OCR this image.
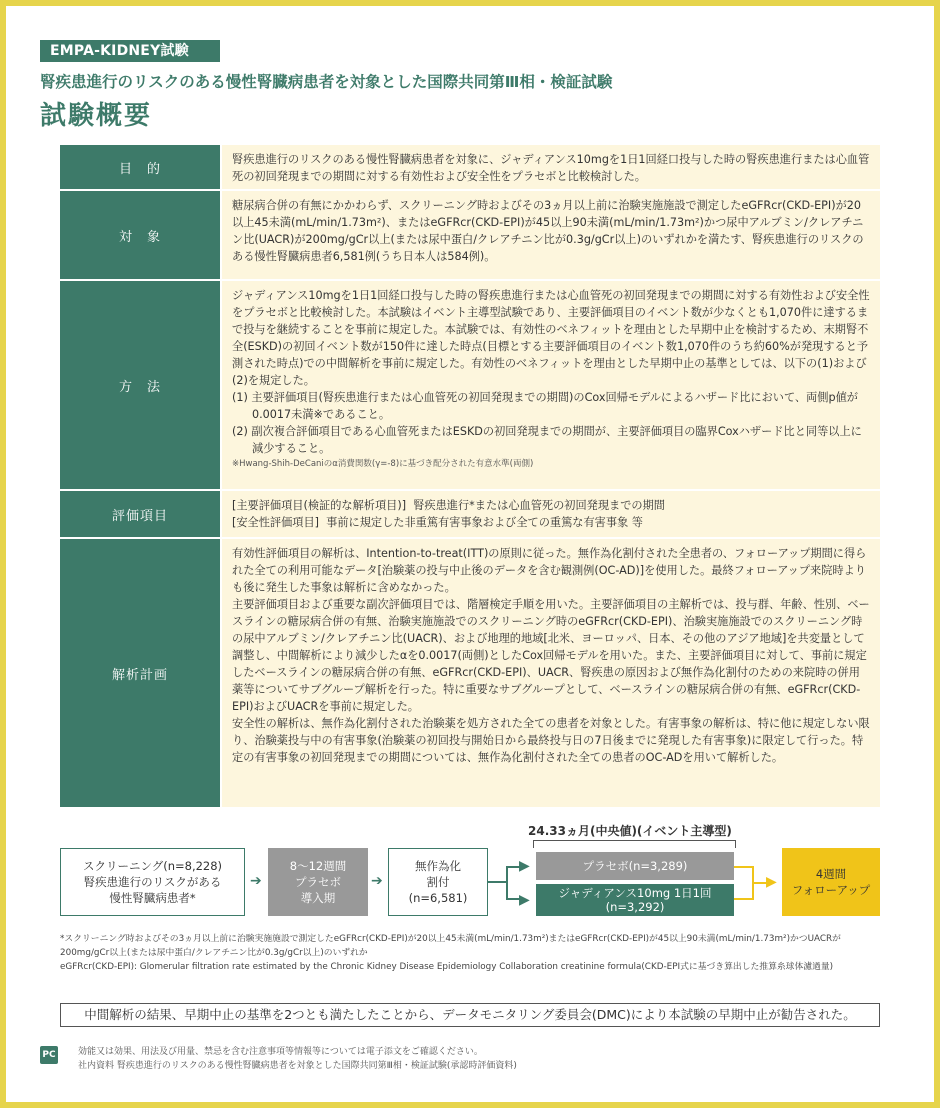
EMPA-KIDNEY試験
腎疾患進行のリスクのある慢性腎臓病患者を対象とした国際共同第Ⅲ相・検証試験
試験概要
目　的

腎疾患進行のリスクのある慢性腎臓病患者を対象に、ジャディアンス10mgを1日1回経口投与した時の腎疾患進行または心血管死の初回発現までの期間に対する有効性および安全性をプラセボと比較検討した。

対　象

糖尿病合併の有無にかかわらず、スクリーニング時およびその3ヵ月以上前に治験実施施設で測定したeGFRcr(CKD-EPI)が20以上45未満(mL/min/1.73m²)、またはeGFRcr(CKD-EPI)が45以上90未満(mL/min/1.73m²)かつ尿中アルブミン/クレアチニン比(UACR)が200mg/gCr以上(または尿中蛋白/クレアチニン比が0.3g/gCr以上)のいずれかを満たす、腎疾患進行のリスクのある慢性腎臓病患者6,581例(うち日本人は584例)。

方　法

ジャディアンス10mgを1日1回経口投与した時の腎疾患進行または心血管死の初回発現までの期間に対する有効性および安全性をプラセボと比較検討した。本試験はイベント主導型試験であり、主要評価項目のイベント数が少なくとも1,070件に達するまで投与を継続することを事前に規定した。本試験では、有効性のベネフィットを理由とした早期中止を検討するため、末期腎不全(ESKD)の初回イベント数が150件に達した時点(目標とする主要評価項目のイベント数1,070件のうち約60%が発現すると予測された時点)での中間解析を事前に規定した。有効性のベネフィットを理由とした早期中止の基準としては、以下の(1)および(2)を規定した。

(1) 主要評価項目(腎疾患進行または心血管死の初回発現までの期間)のCox回帰モデルによるハザード比において、両側p値が0.0017未満※であること。

(2) 副次複合評価項目である心血管死またはESKDの初回発現までの期間が、主要評価項目の臨界Coxハザード比と同等以上に減少すること。

※Hwang-Shih-DeCaniのα消費関数(γ=-8)に基づき配分された有意水準(両側)

評価項目

[主要評価項目(検証的な解析項目)] 腎疾患進行*または心血管死の初回発現までの期間

[安全性評価項目] 事前に規定した非重篤有害事象および全ての重篤な有害事象 等

解析計画

有効性評価項目の解析は、Intention-to-treat(ITT)の原則に従った。無作為化割付された全患者の、フォローアップ期間に得られた全ての利用可能なデータ[治験薬の投与中止後のデータを含む観測例(OC-AD)]を使用した。最終フォローアップ来院時よりも後に発生した事象は解析に含めなかった。

主要評価項目および重要な副次評価項目では、階層検定手順を用いた。主要評価項目の主解析では、投与群、年齢、性別、ベースラインの糖尿病合併の有無、治験実施施設でのスクリーニング時のeGFRcr(CKD-EPI)、治験実施施設でのスクリーニング時の尿中アルブミン/クレアチニン比(UACR)、および地理的地域[北米、ヨーロッパ、日本、その他のアジア地域]を共変量として調整し、中間解析により減少したαを0.0017(両側)としたCox回帰モデルを用いた。また、主要評価項目に対して、事前に規定したベースラインの糖尿病合併の有無、eGFRcr(CKD-EPI)、UACR、腎疾患の原因および無作為化割付のための来院時の併用薬等についてサブグループ解析を行った。特に重要なサブグループとして、ベースラインの糖尿病合併の有無、eGFRcr(CKD-EPI)およびUACRを事前に規定した。

安全性の解析は、無作為化割付された治験薬を処方された全ての患者を対象とした。有害事象の解析は、特に他に規定しない限り、治験薬投与中の有害事象(治験薬の初回投与開始日から最終投与日の7日後までに発現した有害事象)に限定して行った。特定の有害事象の初回発現までの期間については、無作為化割付された全ての患者のOC-ADを用いて解析した。

24.33ヵ月(中央値)(イベント主導型)
スクリーニング(n=8,228)
腎疾患進行のリスクがある
慢性腎臓病患者*
➔
8〜12週間
プラセボ
導入期
➔
無作為化
割付
(n=6,581)
▶
▶
プラセボ(n=3,289)
ジャディアンス10mg 1日1回
(n=3,292)
▶	4週間
フォローアップ

*スクリーニング時およびその3ヵ月以上前に治験実施施設で測定したeGFRcr(CKD-EPI)が20以上45未満(mL/min/1.73m²)またはeGFRcr(CKD-EPI)が45以上90未満(mL/min/1.73m²)かつUACRが200mg/gCr以上(または尿中蛋白/クレアチニン比が0.3g/gCr以上)のいずれか

eGFRcr(CKD-EPI): Glomerular filtration rate estimated by the Chronic Kidney Disease Epidemiology Collaboration creatinine formula(CKD-EPI式に基づき算出した推算糸球体濾過量)

中間解析の結果、早期中止の基準を2つとも満たしたことから、データモニタリング委員会(DMC)により本試験の早期中止が勧告された。
PC 効能又は効果、用法及び用量、禁忌を含む注意事項等情報等については電子添文をご確認ください。

社内資料 腎疾患進行のリスクのある慢性腎臓病患者を対象とした国際共同第Ⅲ相・検証試験(承認時評価資料)
